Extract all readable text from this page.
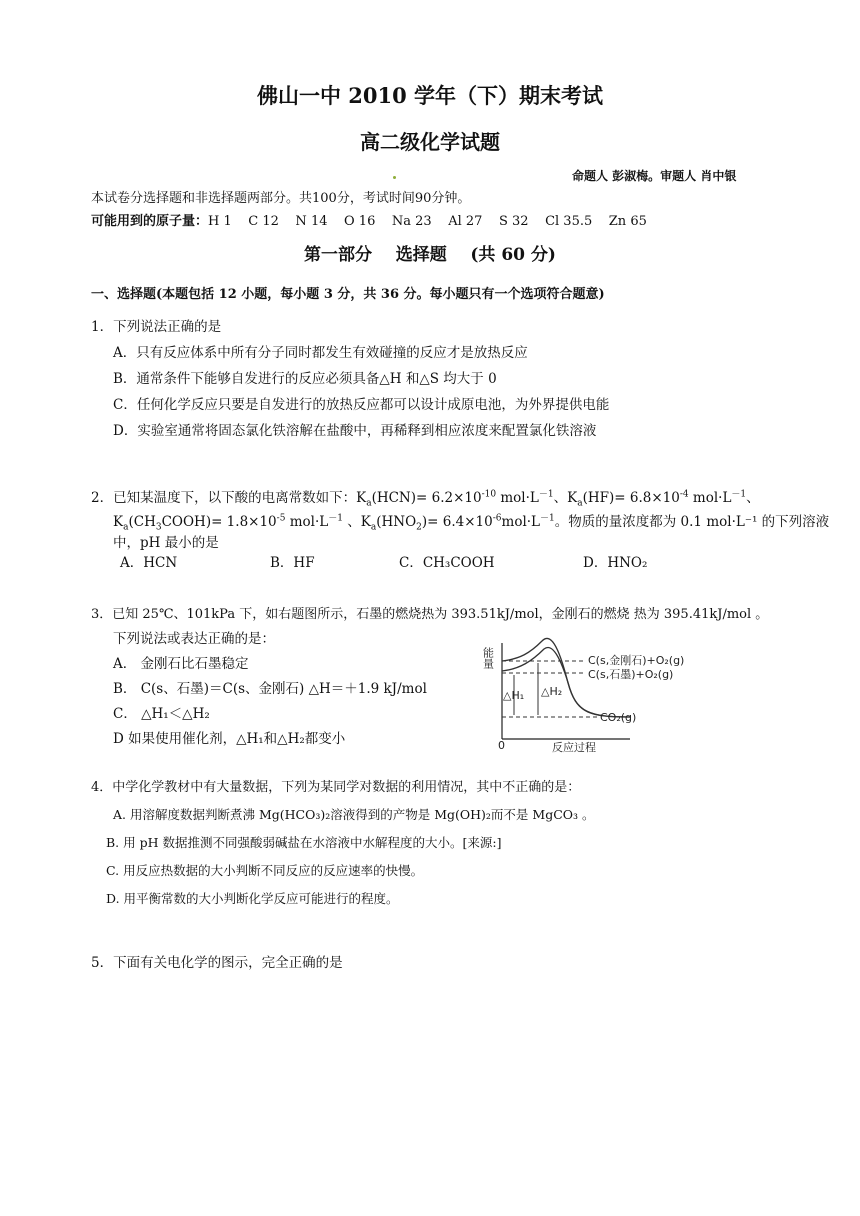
佛山一中 2010 学年（下）期末考试
高二级化学试题
命题人 彭淑梅。审题人 肖中银
本试卷分选择题和非选择题两部分。共100分，考试时间90分钟。
可能用到的原子量：H 1    C 12    N 14    O 16    Na 23    Al 27    S 32    Cl 35.5    Zn 65
第一部分    选择题    (共 60 分)
一、选择题(本题包括 12 小题，每小题 3 分，共 36 分。每小题只有一个选项符合题意)
1．下列说法正确的是
A．只有反应体系中所有分子同时都发生有效碰撞的反应才是放热反应
B．通常条件下能够自发进行的反应必须具备△H 和△S 均大于 0
C．任何化学反应只要是自发进行的放热反应都可以设计成原电池，为外界提供电能
D．实验室通常将固态氯化铁溶解在盐酸中，再稀释到相应浓度来配置氯化铁溶液
2．已知某温度下，以下酸的电离常数如下：$K_a(HCN)= 6.2\times 10^{-10}$ $mol\cdot L^{-1}$、$K_a(HF)= 6.8\times 10^{-4}$ $mol\cdot L^{-1}$、
$K_a(CH_3COOH)= 1.8\times 10^{-5}$ $mol\cdot L^{-1}$ 、$K_a(HNO_2)= 6.4\times 10^{-6}mol\cdot L^{-1}$。物质的量浓度都为 0.1 mol·L⁻¹ 的下列溶液
中，pH 最小的是
A．HCN	B．HF	C．CH₃COOH	D．HNO₂
3．已知 25℃、101kPa 下，如右题图所示，石墨的燃烧热为 393.51kJ/mol，金刚石的燃烧 热为 395.41kJ/mol 。
下列说法或表达正确的是：
A． 金刚石比石墨稳定
B． C(s、石墨)＝C(s、金刚石) △H＝＋1.9 kJ/mol
C． △H₁＜△H₂
D 如果使用催化剂，△H₁和△H₂都变小
能量
0	反应过程
△H₁ △H₂
C(s,金刚石)+O₂(g)
C(s,石墨)+O₂(g)
CO₂(g)
4．中学化学教材中有大量数据，下列为某同学对数据的利用情况，其中不正确的是：
A. 用溶解度数据判断煮沸 Mg(HCO₃)₂溶液得到的产物是 Mg(OH)₂而不是 MgCO₃ 。
B. 用 pH 数据推测不同强酸弱碱盐在水溶液中水解程度的大小。[来源:]
C. 用反应热数据的大小判断不同反应的反应速率的快慢。
D. 用平衡常数的大小判断化学反应可能进行的程度。
5．下面有关电化学的图示，完全正确的是
